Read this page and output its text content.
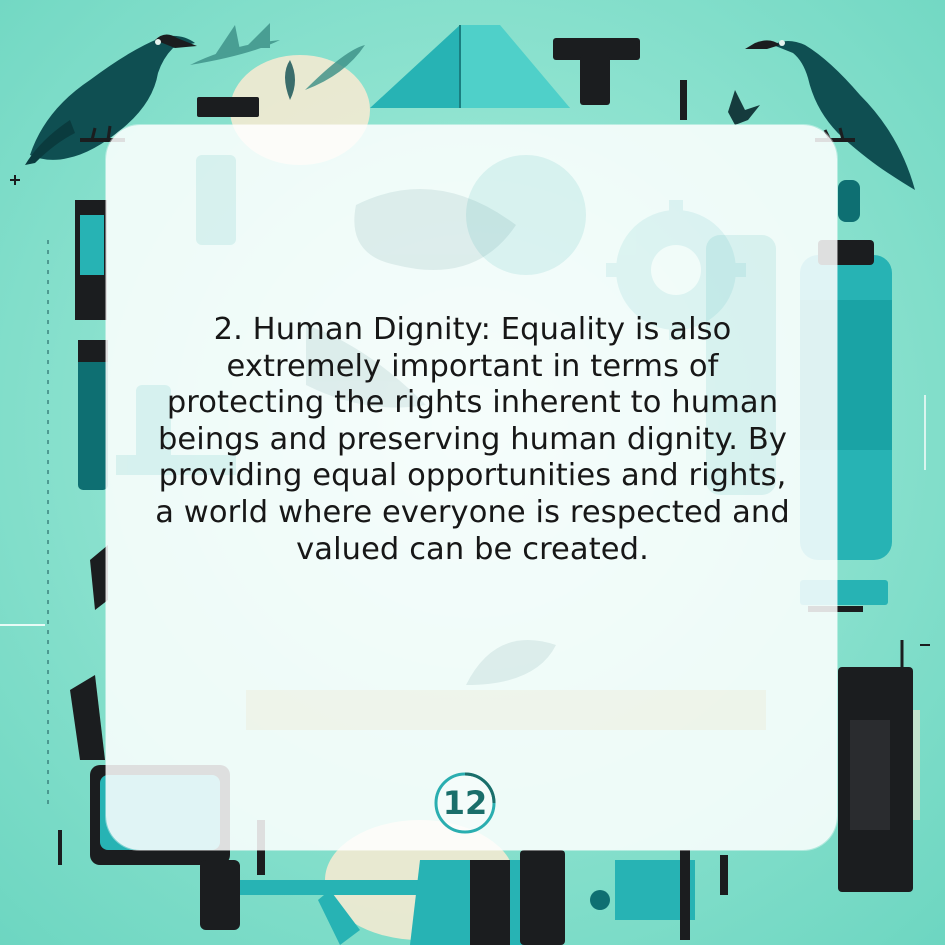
2. Human Dignity: Equality is also extremely important in terms of protecting the rights inherent to human beings and preserving human dignity. By providing equal opportunities and rights, a world where everyone is respected and valued can be created.

12
